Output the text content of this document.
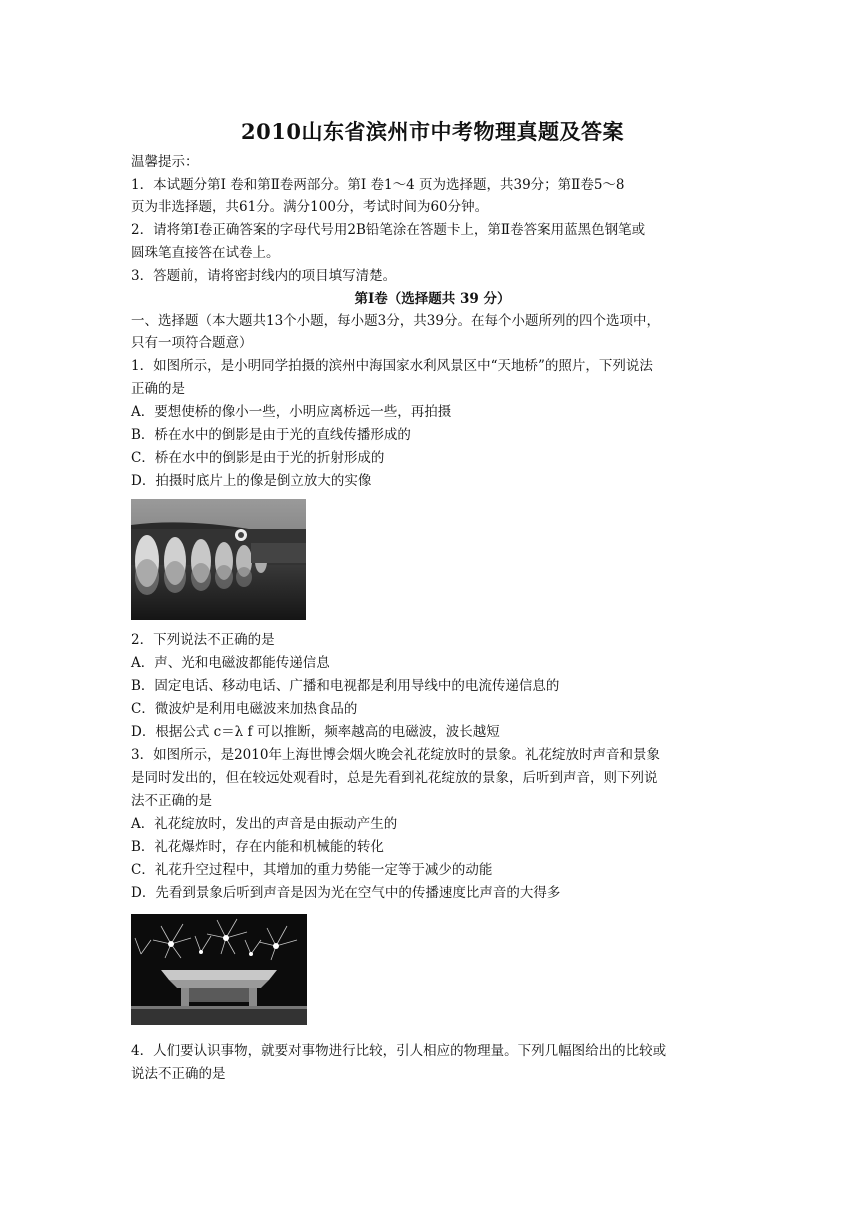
2010山东省滨州市中考物理真题及答案
温馨提示：
1．本试题分第Ⅰ 卷和第Ⅱ卷两部分。第Ⅰ 卷1～4 页为选择题，共39分；第Ⅱ卷5～8
页为非选择题，共61分。满分100分，考试时间为60分钟。
2．请将第Ⅰ卷正确答案的字母代号用2B铅笔涂在答题卡上，第Ⅱ卷答案用蓝黑色钢笔或
圆珠笔直接答在试卷上。
3．答题前，请将密封线内的项目填写清楚。
第Ⅰ卷（选择题共 39 分）
一、选择题（本大题共13个小题，每小题3分，共39分。在每个小题所列的四个选项中，
只有一项符合题意）
1．如图所示，是小明同学拍摄的滨州中海国家水利风景区中“天地桥”的照片，下列说法
正确的是
A．要想使桥的像小一些，小明应离桥远一些，再拍摄
B．桥在水中的倒影是由于光的直线传播形成的
C．桥在水中的倒影是由于光的折射形成的
D．拍摄时底片上的像是倒立放大的实像
2．下列说法不正确的是
A．声、光和电磁波都能传递信息
B．固定电话、移动电话、广播和电视都是利用导线中的电流传递信息的
C．微波炉是利用电磁波来加热食品的
D．根据公式 c＝λ f 可以推断，频率越高的电磁波，波长越短
3．如图所示，是2010年上海世博会烟火晚会礼花绽放时的景象。礼花绽放时声音和景象
是同时发出的，但在较远处观看时，总是先看到礼花绽放的景象，后听到声音，则下列说
法不正确的是
A．礼花绽放时，发出的声音是由振动产生的
B．礼花爆炸时，存在内能和机械能的转化
C．礼花升空过程中，其增加的重力势能一定等于减少的动能
D．先看到景象后听到声音是因为光在空气中的传播速度比声音的大得多
4．人们要认识事物，就要对事物进行比较，引人相应的物理量。下列几幅图给出的比较或
说法不正确的是
